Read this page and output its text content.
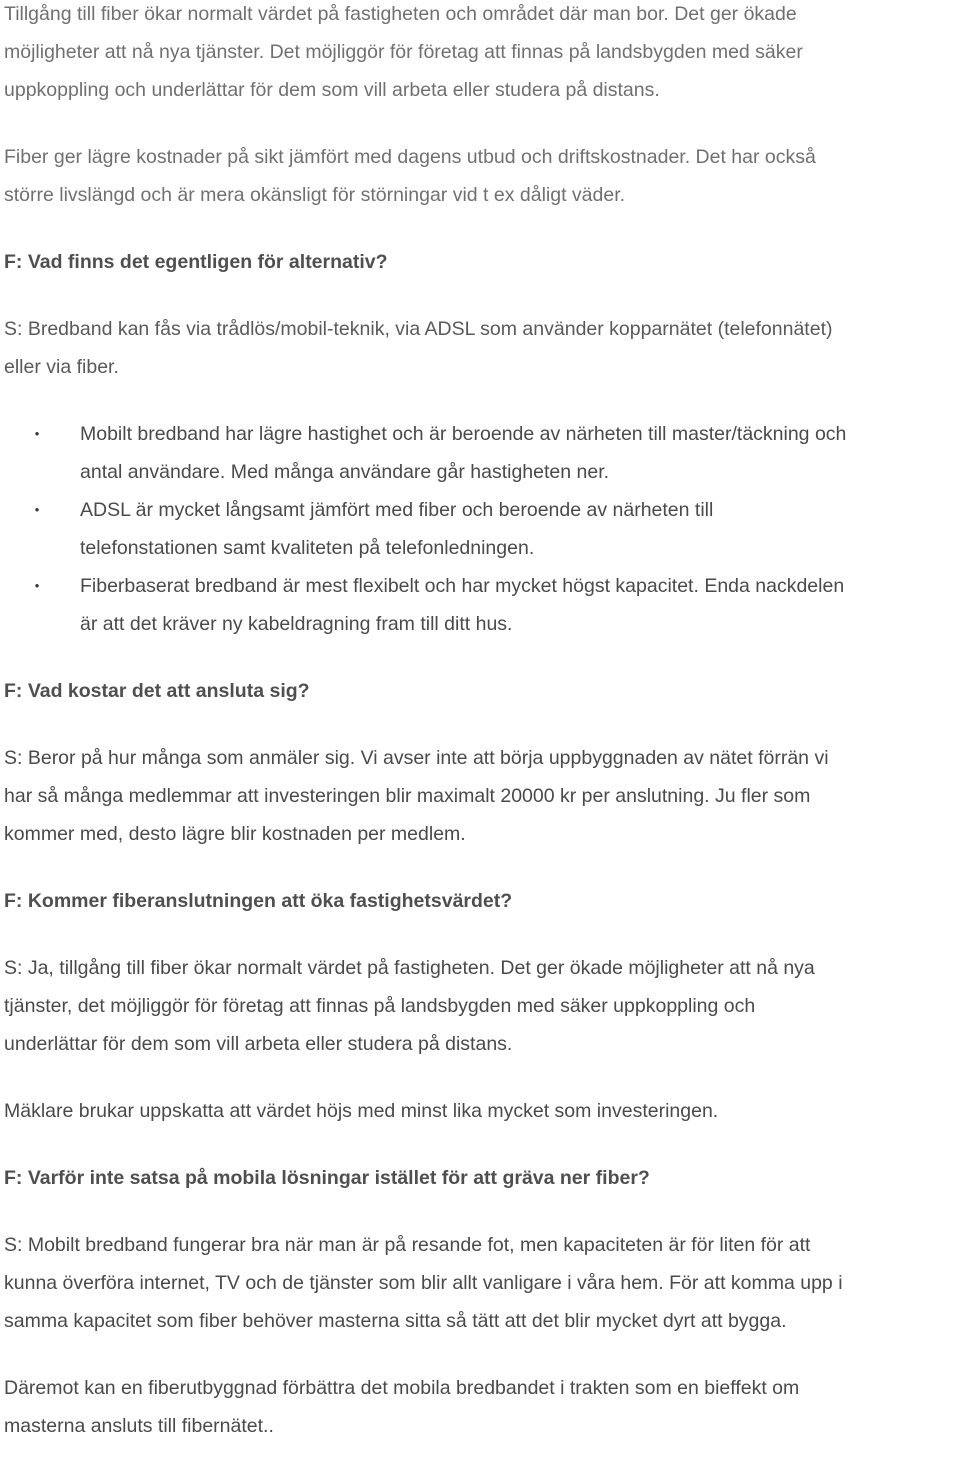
Tillgång till fiber ökar normalt värdet på fastigheten och området där man bor. Det ger ökade
möjligheter att nå nya tjänster. Det möjliggör för företag att finnas på landsbygden med säker
uppkoppling och underlättar för dem som vill arbeta eller studera på distans.

Fiber ger lägre kostnader på sikt jämfört med dagens utbud och driftskostnader. Det har också
större livslängd och är mera okänsligt för störningar vid t ex dåligt väder.

F: Vad finns det egentligen för alternativ?

S: Bredband kan fås via trådlös/mobil-teknik, via ADSL som använder kopparnätet (telefonnätet)
eller via fiber.

•	Mobilt bredband har lägre hastighet och är beroende av närheten till master/täckning och
antal användare. Med många användare går hastigheten ner.
•	ADSL är mycket långsamt jämfört med fiber och beroende av närheten till
telefonstationen samt kvaliteten på telefonledningen.
•	Fiberbaserat bredband är mest flexibelt och har mycket högst kapacitet. Enda nackdelen
är att det kräver ny kabeldragning fram till ditt hus.

F: Vad kostar det att ansluta sig?

S: Beror på hur många som anmäler sig. Vi avser inte att börja uppbyggnaden av nätet förrän vi
har så många medlemmar att investeringen blir maximalt 20000 kr per anslutning. Ju fler som
kommer med, desto lägre blir kostnaden per medlem.

F: Kommer fiberanslutningen att öka fastighetsvärdet?

S: Ja, tillgång till fiber ökar normalt värdet på fastigheten. Det ger ökade möjligheter att nå nya
tjänster, det möjliggör för företag att finnas på landsbygden med säker uppkoppling och
underlättar för dem som vill arbeta eller studera på distans.

Mäklare brukar uppskatta att värdet höjs med minst lika mycket som investeringen.

F: Varför inte satsa på mobila lösningar istället för att gräva ner fiber?

S: Mobilt bredband fungerar bra när man är på resande fot, men kapaciteten är för liten för att
kunna överföra internet, TV och de tjänster som blir allt vanligare i våra hem. För att komma upp i
samma kapacitet som fiber behöver masterna sitta så tätt att det blir mycket dyrt att bygga.

Däremot kan en fiberutbyggnad förbättra det mobila bredbandet i trakten som en bieffekt om
masterna ansluts till fibernätet..
